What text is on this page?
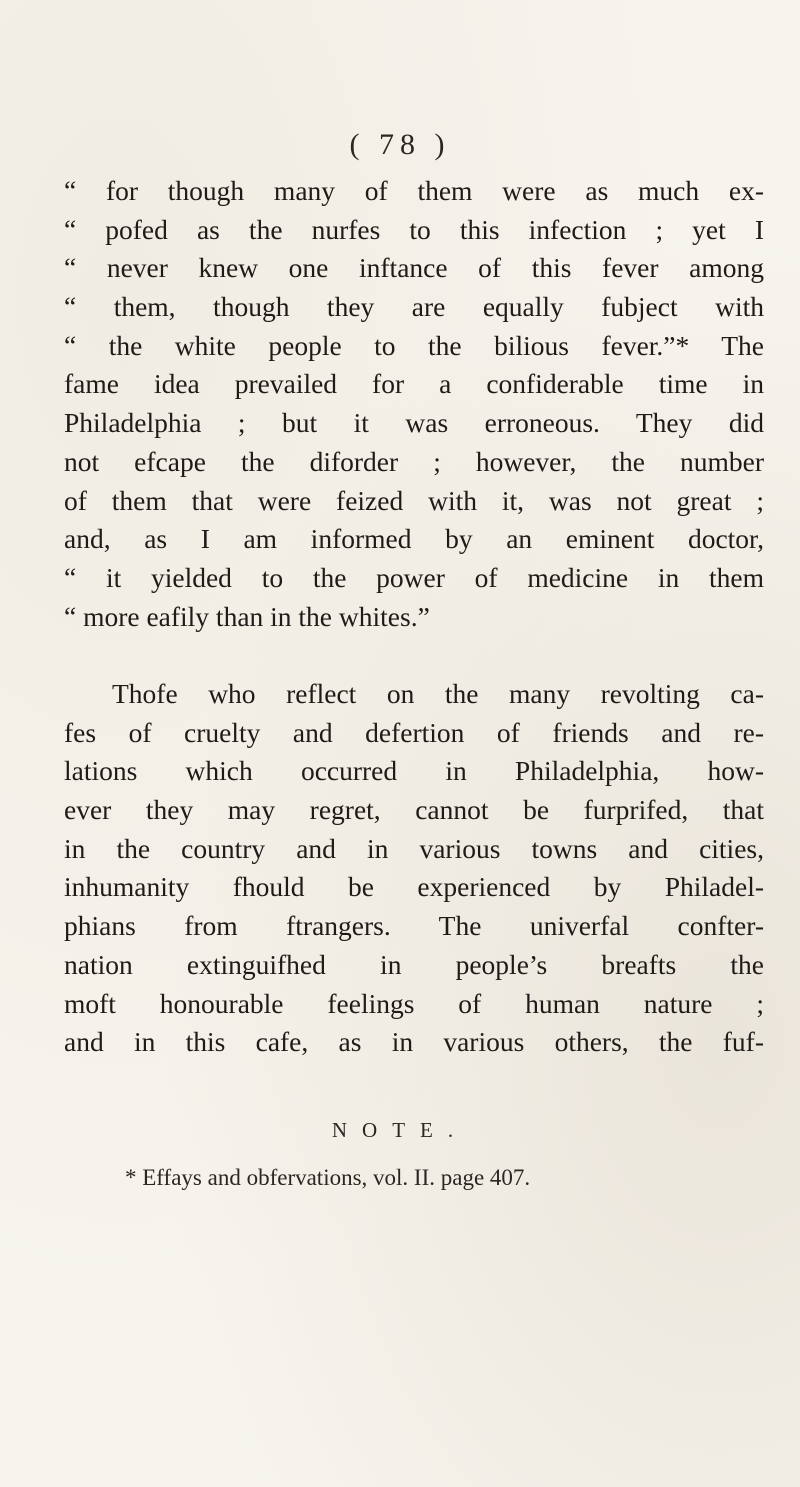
( 78 )
“ for though many of them were as much ex-
“ pofed as the nurfes to this infection ; yet I
“ never knew one inftance of this fever among
“ them, though they are equally fubject with
“ the white people to the bilious fever.”* The
fame idea prevailed for a confiderable time in
Philadelphia ; but it was erroneous. They did
not efcape the diforder ; however, the number
of them that were feized with it, was not great ;
and, as I am informed by an eminent doctor,
“ it yielded to the power of medicine in them
“ more eafily than in the whites.”
Thofe who reflect on the many revolting ca-
fes of cruelty and defertion of friends and re-
lations which occurred in Philadelphia, how-
ever they may regret, cannot be furprifed, that
in the country and in various towns and cities,
inhumanity fhould be experienced by Philadel-
phians from ftrangers. The univerfal confter-
nation extinguifhed in people’s breafts the
moft honourable feelings of human nature ;
and in this cafe, as in various others, the fuf-
NOTE.
* Effays and obfervations, vol. II. page 407.
